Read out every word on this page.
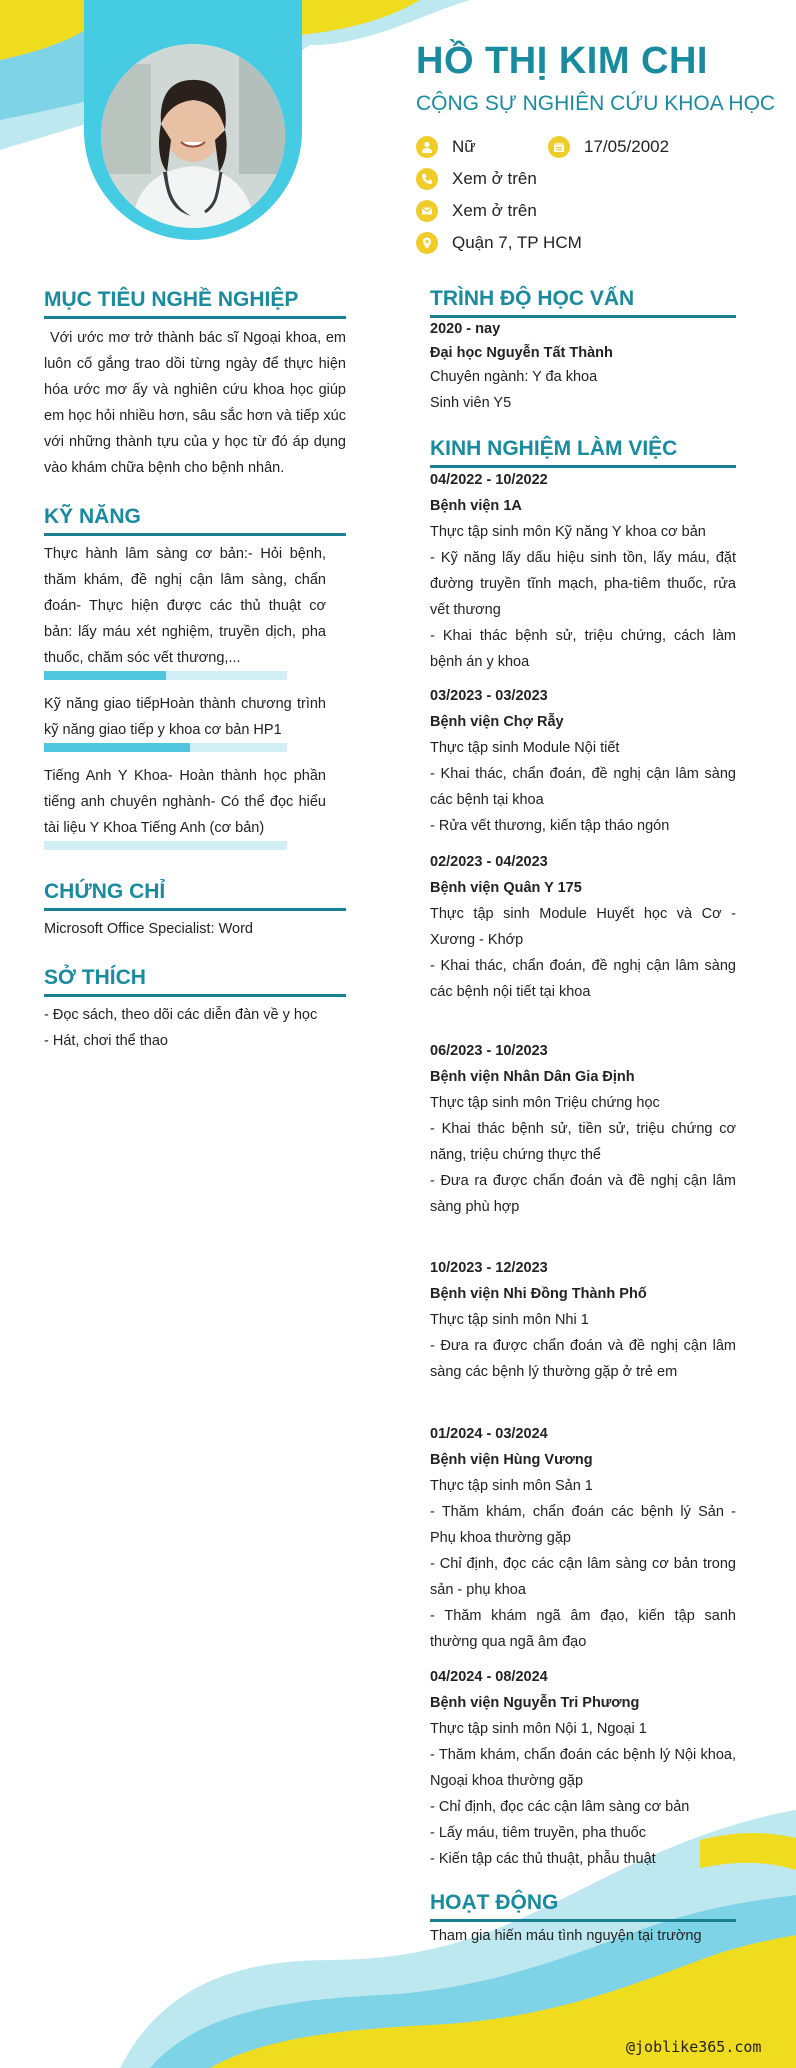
HỒ THỊ KIM CHI
CỘNG SỰ NGHIÊN CỨU KHOA HỌC
Nữ	17/05/2002
Xem ở trên
Xem ở trên
Quận 7, TP HCM
MỤC TIÊU NGHỀ NGHIỆP
Với ước mơ trở thành bác sĩ Ngoại khoa, em luôn cố gắng trao dồi từng ngày để thực hiện hóa ước mơ ấy và nghiên cứu khoa học giúp em học hỏi nhiều hơn, sâu sắc hơn và tiếp xúc với những thành tựu của y học từ đó áp dụng vào khám chữa bệnh cho bệnh nhân.
KỸ NĂNG
Thực hành lâm sàng cơ bản:- Hỏi bệnh, thăm khám, đề nghị cận lâm sàng, chẩn đoán- Thực hiện được các thủ thuật cơ bản: lấy máu xét nghiệm, truyền dịch, pha thuốc, chăm sóc vết thương,...
Kỹ năng giao tiếpHoàn thành chương trình kỹ năng giao tiếp y khoa cơ bản HP1
Tiếng Anh Y Khoa- Hoàn thành học phần tiếng anh chuyên nghành- Có thể đọc hiểu tài liệu Y Khoa Tiếng Anh (cơ bản)
CHỨNG CHỈ
Microsoft Office Specialist: Word
SỞ THÍCH
- Đọc sách, theo dõi các diễn đàn về y học
- Hát, chơi thể thao
TRÌNH ĐỘ HỌC VẤN
2020 - nay
Đại học Nguyễn Tất Thành
Chuyên ngành: Y đa khoa
Sinh viên Y5
KINH NGHIỆM LÀM VIỆC
04/2022 - 10/2022
Bệnh viện 1A
Thực tập sinh môn Kỹ năng Y khoa cơ bản
- Kỹ năng lấy dấu hiệu sinh tồn, lấy máu, đặt đường truyền tĩnh mạch, pha-tiêm thuốc, rửa vết thương
- Khai thác bệnh sử, triệu chứng, cách làm bệnh án y khoa
03/2023 - 03/2023
Bệnh viện Chợ Rẫy
Thực tập sinh Module Nội tiết
- Khai thác, chẩn đoán, đề nghị cận lâm sàng các bệnh tại khoa
- Rửa vết thương, kiến tập tháo ngón
02/2023 - 04/2023
Bệnh viện Quân Y 175
Thực tập sinh Module Huyết học và Cơ - Xương - Khớp
- Khai thác, chẩn đoán, đề nghị cận lâm sàng các bệnh nội tiết tại khoa
06/2023 - 10/2023
Bệnh viện Nhân Dân Gia Định
Thực tập sinh môn Triệu chứng học
- Khai thác bệnh sử, tiền sử, triệu chứng cơ năng, triệu chứng thực thể
- Đưa ra được chẩn đoán và đề nghị cận lâm sàng phù hợp
10/2023 - 12/2023
Bệnh viện Nhi Đồng Thành Phố
Thực tập sinh môn Nhi 1
- Đưa ra được chẩn đoán và đề nghị cận lâm sàng các bệnh lý thường gặp ở trẻ em
01/2024 - 03/2024
Bệnh viện Hùng Vương
Thực tập sinh môn Sản 1
- Thăm khám, chẩn đoán các bệnh lý Sản - Phụ khoa thường gặp
- Chỉ định, đọc các cận lâm sàng cơ bản trong sản - phụ khoa
- Thăm khám ngã âm đạo, kiến tập sanh thường qua ngã âm đạo
04/2024 - 08/2024
Bệnh viện Nguyễn Tri Phương
Thực tập sinh môn Nội 1, Ngoại 1
- Thăm khám, chẩn đoán các bệnh lý Nội khoa, Ngoại khoa thường gặp
- Chỉ định, đọc các cận lâm sàng cơ bản
- Lấy máu, tiêm truyền, pha thuốc
- Kiến tập các thủ thuật, phẫu thuật
HOẠT ĐỘNG
Tham gia hiến máu tình nguyện tại trường
@joblike365.com
